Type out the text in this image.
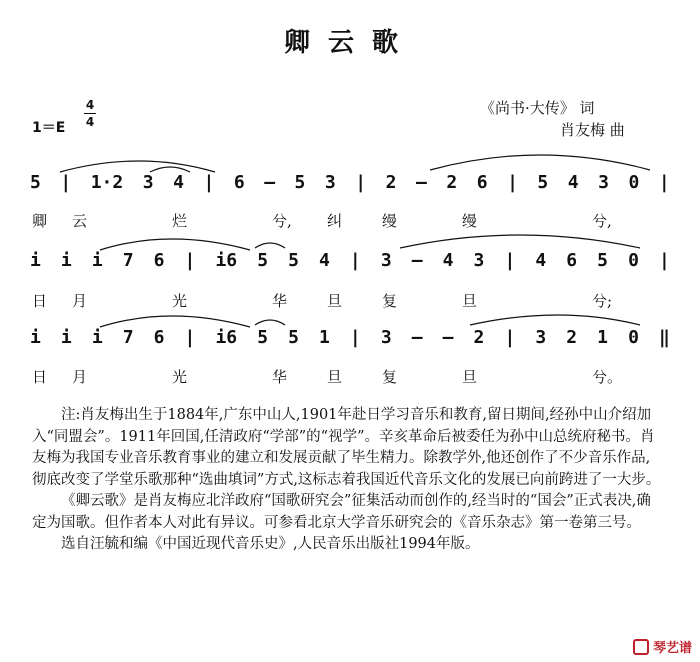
卿云歌
1＝E
4
4
《尚书·大传》 词
肖友梅 曲
5 | 1·2 3 4 | 6 — 5 3 | 2 — 2 6 | 5 4 3 0 |
卿 云	烂	兮, 纠	缦	缦	兮,
i i i 7 6 | i6 5 5 4 | 3 — 4 3 | 4 6 5 0 |
日 月	光	华	旦	复	旦	兮;
i i i 7 6 | i6 5 5 1 | 3 — — 2 | 3 2 1 0 ‖
日 月	光	华	旦	复	旦	兮。

注:肖友梅出生于1884年,广东中山人,1901年赴日学习音乐和教育,留日期间,经孙中山介绍加入“同盟会”。1911年回国,任清政府“学部”的“视学”。辛亥革命后被委任为孙中山总统府秘书。肖友梅为我国专业音乐教育事业的建立和发展贡献了毕生精力。除教学外,他还创作了不少音乐作品,彻底改变了学堂乐歌那种“选曲填词”方式,这标志着我国近代音乐文化的发展已向前跨进了一大步。

《卿云歌》是肖友梅应北洋政府“国歌研究会”征集活动而创作的,经当时的“国会”正式表决,确定为国歌。但作者本人对此有异议。可参看北京大学音乐研究会的《音乐杂志》第一卷第三号。

选自汪毓和编《中国近现代音乐史》,人民音乐出版社1994年版。

琴艺谱
